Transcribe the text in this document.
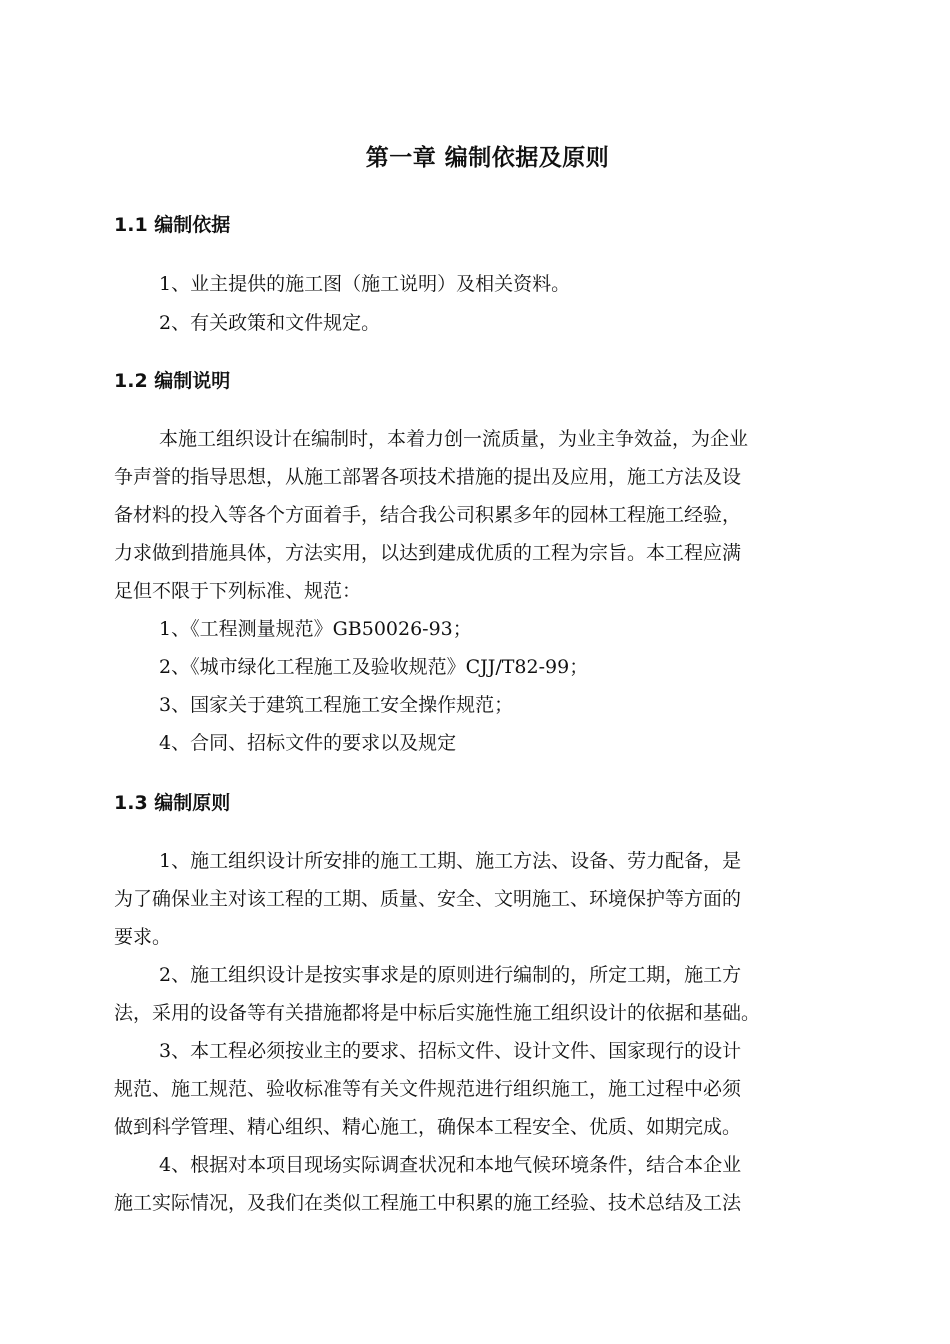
第一章 编制依据及原则
1.1 编制依据
1、业主提供的施工图（施工说明）及相关资料。
2、有关政策和文件规定。
1.2 编制说明
本施工组织设计在编制时，本着力创一流质量，为业主争效益，为企业
争声誉的指导思想，从施工部署各项技术措施的提出及应用，施工方法及设
备材料的投入等各个方面着手，结合我公司积累多年的园林工程施工经验，
力求做到措施具体，方法实用，以达到建成优质的工程为宗旨。本工程应满
足但不限于下列标准、规范：
1、《工程测量规范》GB50026-93；
2、《城市绿化工程施工及验收规范》CJJ/T82-99；
3、国家关于建筑工程施工安全操作规范；
4、合同、招标文件的要求以及规定
1.3 编制原则
1、施工组织设计所安排的施工工期、施工方法、设备、劳力配备，是
为了确保业主对该工程的工期、质量、安全、文明施工、环境保护等方面的
要求。
2、施工组织设计是按实事求是的原则进行编制的，所定工期，施工方
法，采用的设备等有关措施都将是中标后实施性施工组织设计的依据和基础。
3、本工程必须按业主的要求、招标文件、设计文件、国家现行的设计
规范、施工规范、验收标准等有关文件规范进行组织施工，施工过程中必须
做到科学管理、精心组织、精心施工，确保本工程安全、优质、如期完成。
4、根据对本项目现场实际调查状况和本地气候环境条件，结合本企业
施工实际情况，及我们在类似工程施工中积累的施工经验、技术总结及工法
